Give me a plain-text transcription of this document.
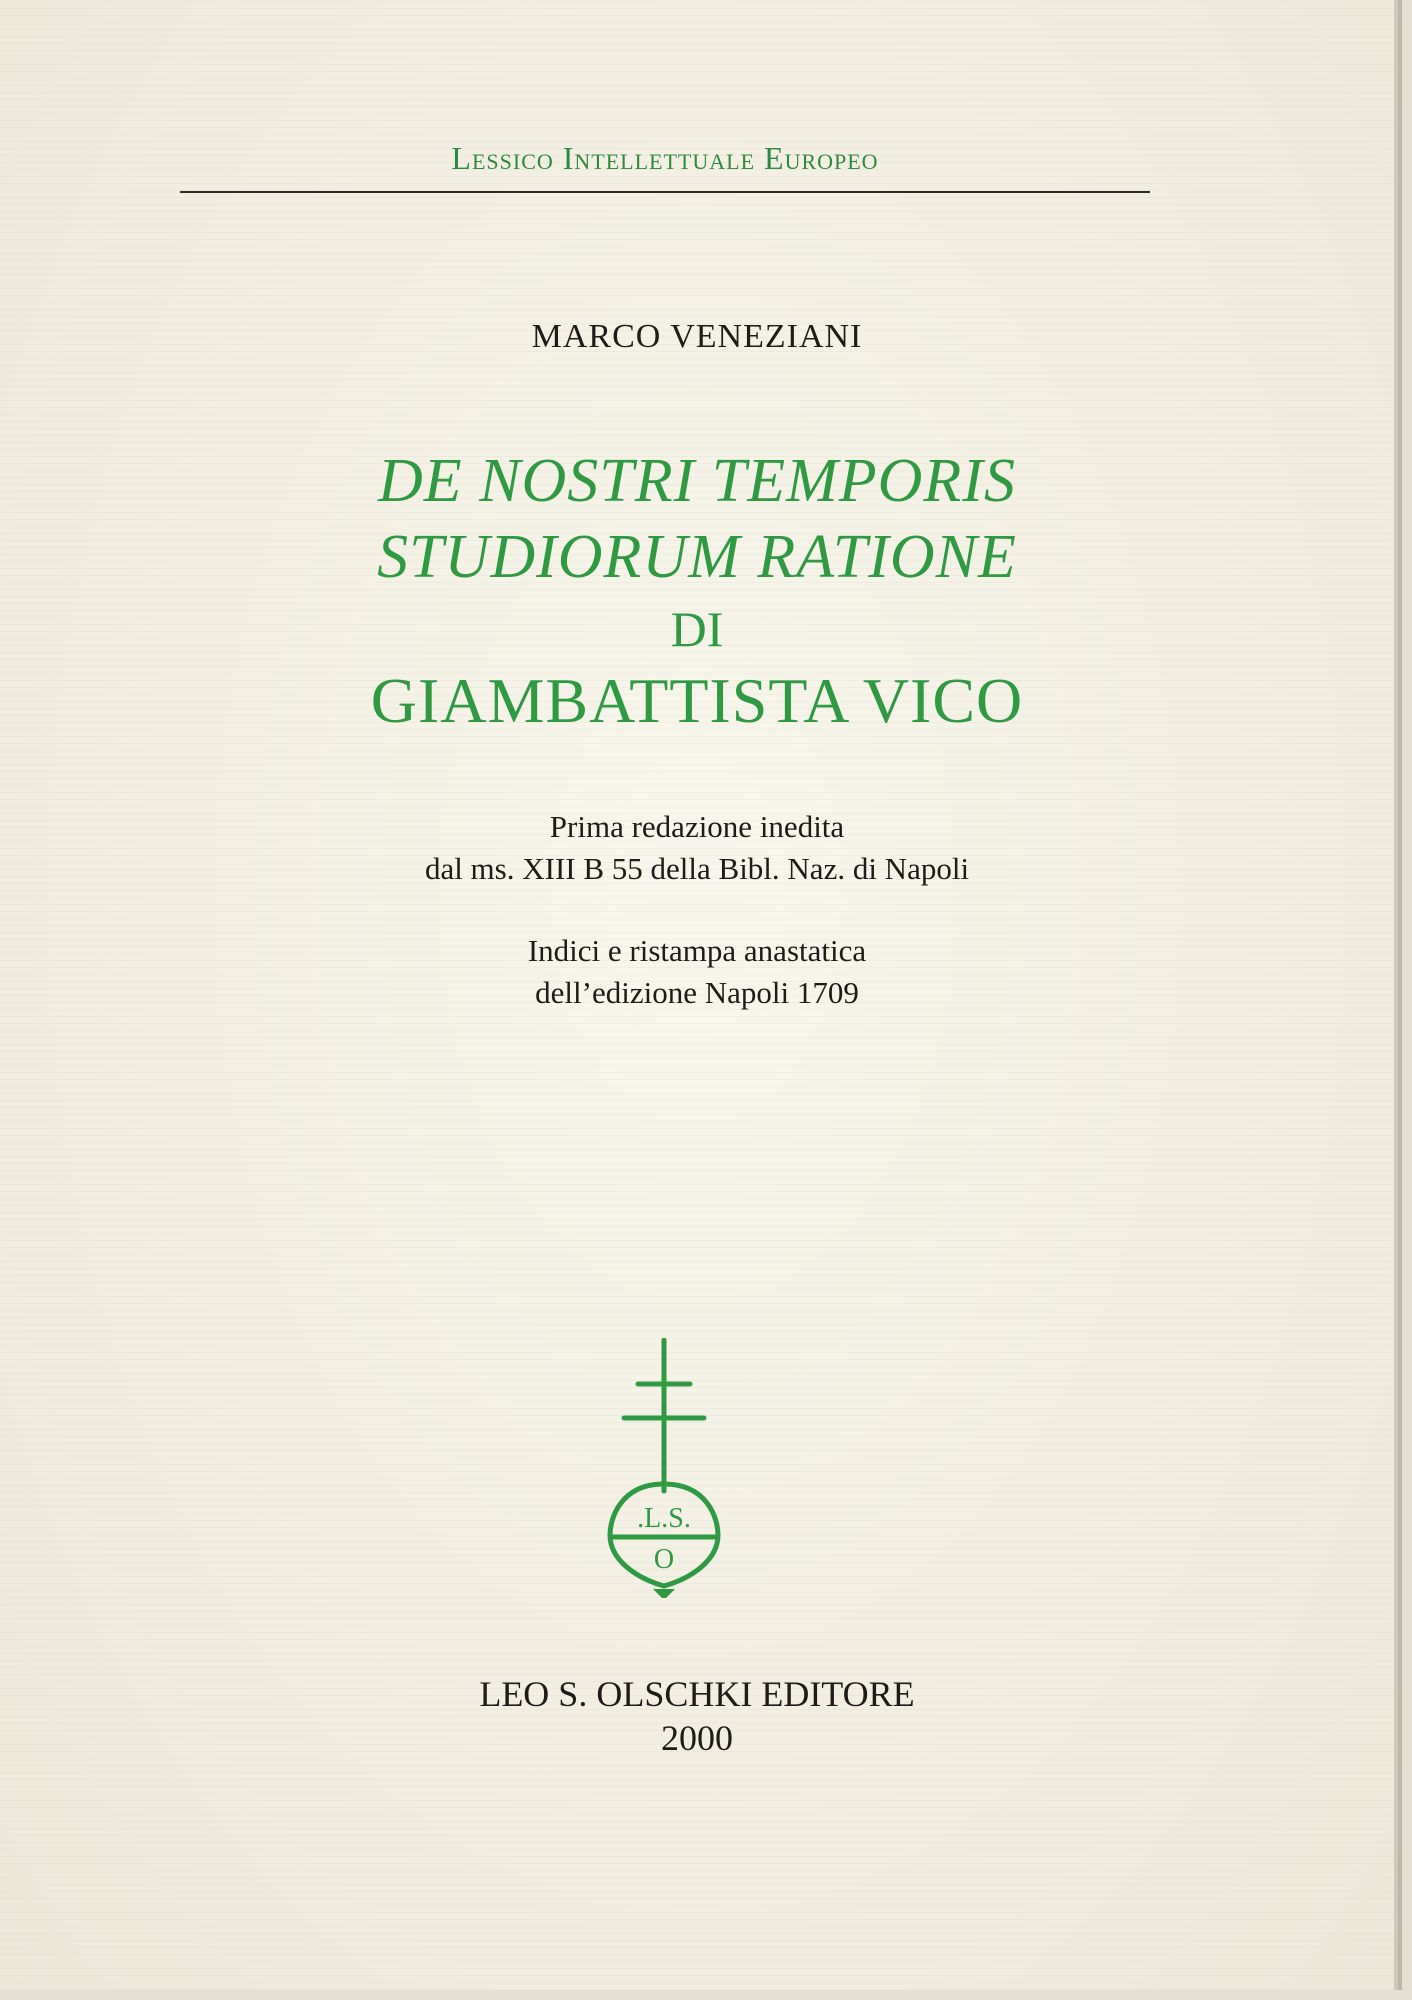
Lessico Intellettuale Europeo
MARCO VENEZIANI
DE NOSTRI TEMPORIS
STUDIORUM RATIONE
DI
GIAMBATTISTA VICO
Prima redazione inedita
dal ms. XIII B 55 della Bibl. Naz. di Napoli
Indici e ristampa anastatica
dell’edizione Napoli 1709
.L.S.
O
LEO S. OLSCHKI EDITORE
2000
